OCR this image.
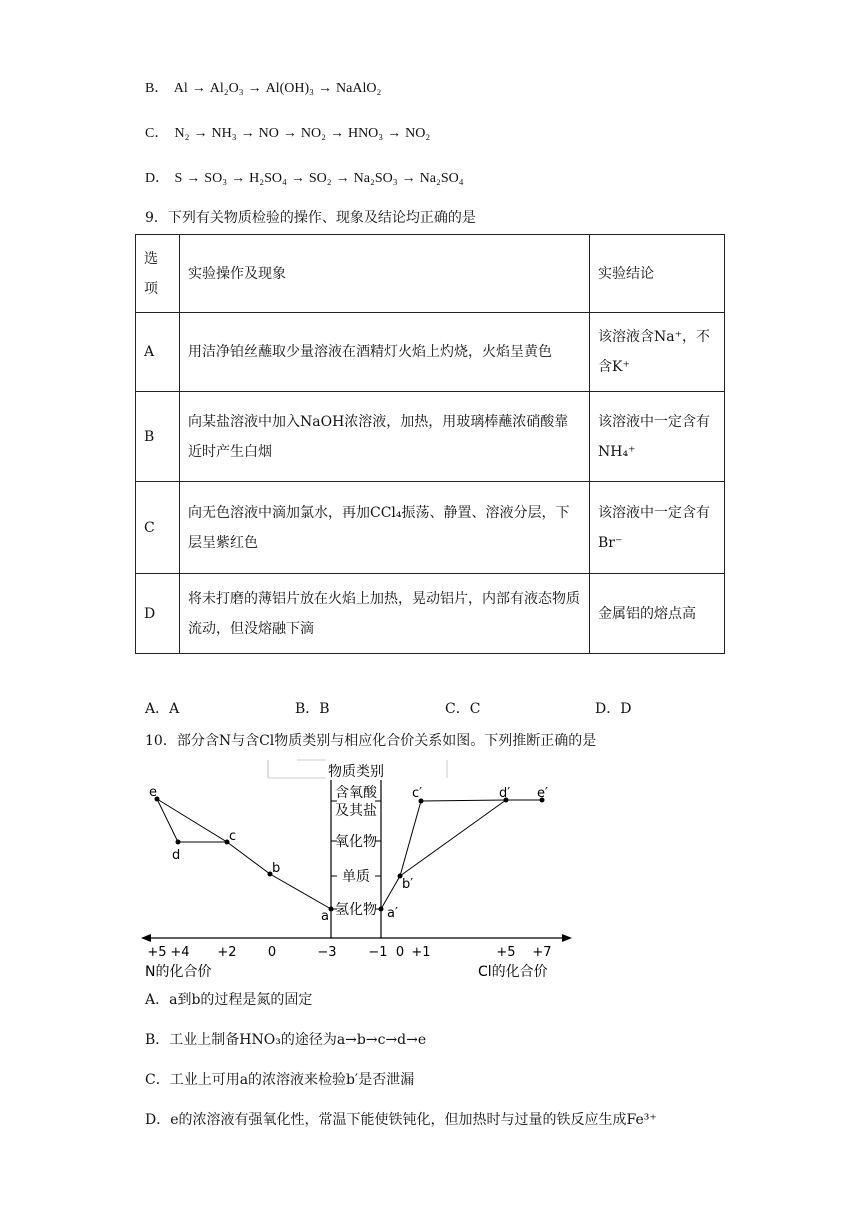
B． Al → Al₂O₃ → Al(OH)₃ → NaAlO₂
C． N₂ → NH₃ → NO → NO₂ → HNO₃ → NO₂
D． S → SO₃ → H₂SO₄ → SO₂ → Na₂SO₃ → Na₂SO₄
9．下列有关物质检验的操作、现象及结论均正确的是
选项	实验操作及现象	实验结论
A	用洁净铂丝蘸取少量溶液在酒精灯火焰上灼烧，火焰呈黄色	该溶液含Na⁺，不含K⁺
B	向某盐溶液中加入NaOH浓溶液，加热，用玻璃棒蘸浓硝酸靠近时产生白烟	该溶液中一定含有NH₄⁺
C	向无色溶液中滴加氯水，再加CCl₄振荡、静置、溶液分层，下层呈紫红色	该溶液中一定含有Br⁻
D	将未打磨的薄铝片放在火焰上加热，晃动铝片，内部有液态物质流动，但没熔融下滴	金属铝的熔点高
A．A	B．B	C．C	D．D
10．部分含N与含Cl物质类别与相应化合价关系如图。下列推断正确的是
物质类别
含氧酸及其盐
氧化物
单质
氢化物
+5 +4 +2 0	−3 −1 0 +1	+5 +7
N的化合价	Cl的化合价
e
d
c
b
a	a′
b′
c′	d′ e′
A．a到b的过程是氮的固定
B．工业上制备HNO₃的途径为a→b→c→d→e
C．工业上可用a的浓溶液来检验b′是否泄漏
D．e的浓溶液有强氧化性，常温下能使铁钝化，但加热时与过量的铁反应生成Fe³⁺
